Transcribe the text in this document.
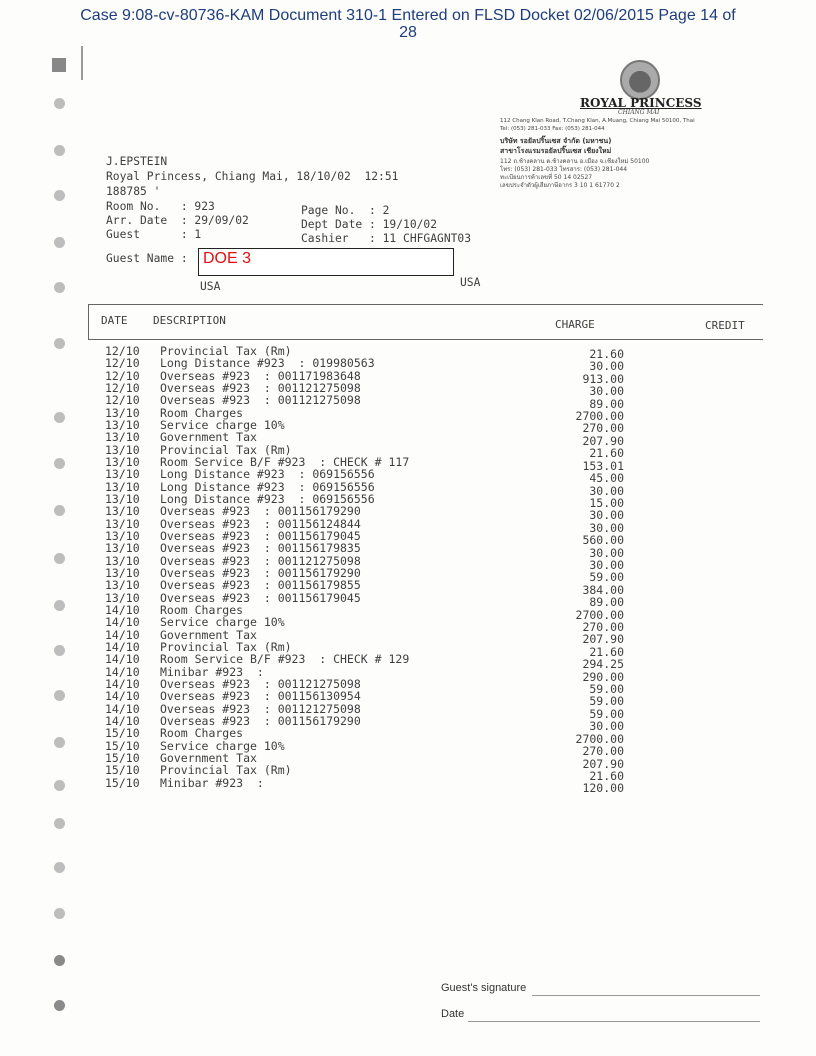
Case 9:08-cv-80736-KAM Document 310-1 Entered on FLSD Docket 02/06/2015 Page 14 of
28
ROYAL PRINCESS
CHIANG MAI
112 Chang Klan Road, T.Chang Klan, A.Muang, Chiang Mai 50100, Thai
Tel: (053) 281-033 Fax: (053) 281-044
บริษัท รอยัลปริ๊นเซส จำกัด (มหาชน)
สาขาโรงแรมรอยัลปริ๊นเซส เชียงใหม่
112 ถ.ช้างคลาน ต.ช้างคลาน อ.เมือง จ.เชียงใหม่ 50100
โทร: (053) 281-033 โทรสาร: (053) 281-044
ทะเบียนการค้าเลขที่ 50 14 02527
เลขประจำตัวผู้เสียภาษีอากร 3 10 1 61770 2
J.EPSTEIN
Royal Princess, Chiang Mai, 18/10/02  12:51
188785 '
Room No.   : 923
Arr. Date  : 29/09/02
Guest      : 1
Page No.  : 2
Dept Date : 19/10/02
Cashier   : 11 CHFGAGNT03
Guest Name : DOE 3
USA
USA
DATE DESCRIPTION	CHARGE	CREDIT
12/10 Provincial Tax (Rm)	21.60
12/10 Long Distance #923  : 019980563	30.00
12/10 Overseas #923  : 001171983648	913.00
12/10 Overseas #923  : 001121275098	30.00
12/10 Overseas #923  : 001121275098	89.00
13/10 Room Charges	2700.00
13/10 Service charge 10%	270.00
13/10 Government Tax	207.90
13/10 Provincial Tax (Rm)	21.60
13/10 Room Service B/F #923  : CHECK # 117	153.01
13/10 Long Distance #923  : 069156556	45.00
13/10 Long Distance #923  : 069156556	30.00
13/10 Long Distance #923  : 069156556	15.00
13/10 Overseas #923  : 001156179290	30.00
13/10 Overseas #923  : 001156124844	30.00
13/10 Overseas #923  : 001156179045	560.00
13/10 Overseas #923  : 001156179835	30.00
13/10 Overseas #923  : 001121275098	30.00
13/10 Overseas #923  : 001156179290	59.00
13/10 Overseas #923  : 001156179855	384.00
13/10 Overseas #923  : 001156179045	89.00
14/10 Room Charges	2700.00
14/10 Service charge 10%	270.00
14/10 Government Tax	207.90
14/10 Provincial Tax (Rm)	21.60
14/10 Room Service B/F #923  : CHECK # 129	294.25
14/10 Minibar #923  :	290.00
14/10 Overseas #923  : 001121275098	59.00
14/10 Overseas #923  : 001156130954	59.00
14/10 Overseas #923  : 001121275098	59.00
14/10 Overseas #923  : 001156179290	30.00
15/10 Room Charges	2700.00
15/10 Service charge 10%	270.00
15/10 Government Tax	207.90
15/10 Provincial Tax (Rm)	21.60
15/10 Minibar #923  :	120.00
Guest's signature
Date
